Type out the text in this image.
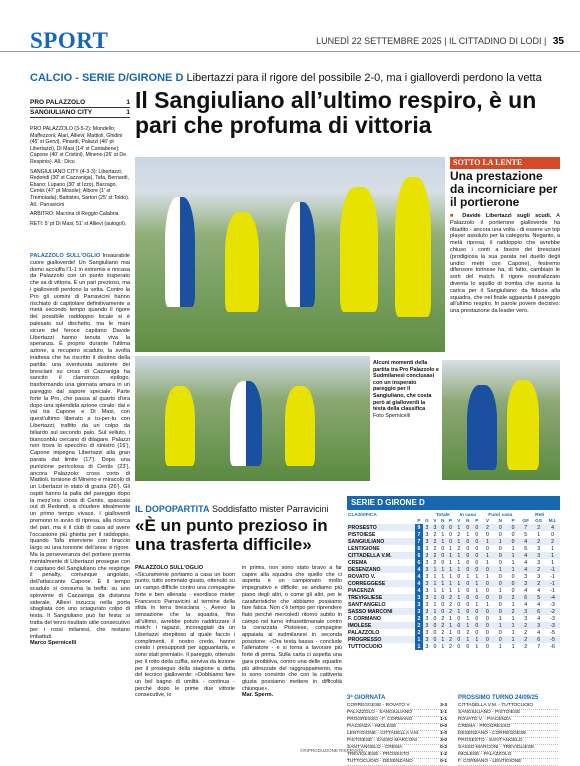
SPORT	LUNEDÌ 22 SETTEMBRE 2025 | IL CITTADINO DI LODI | 35
CALCIO - SERIE D/GIRONE D Libertazzi para il rigore del possibile 2-0, ma i gialloverdi perdono la vetta
PRO PALAZZOLO	1
SANGIULIANO CITY	1 Il Sangiuliano all’ultimo respiro, è un pari che profuma di vittoria

PRO PALAZZOLO (3-5-2): Mondello; Maffezzoni, Alari, Allievi; Mattioli, Ghidini (45' st Gervi), Pinardi, Palazzi (46' pt Libertazzi), Di Masi (14' st Cantabene); Capone (40' st Cristini), Mineno (26' st De Respinis). All.: Dicu

SANGIULIANO CITY (4-3-3): Libertazzi; Redondi (30' st Cazzaniga), Tafa, Bernardi, Ebano; Lupano (30' st Izzo), Barzago, Centis (47' pt Mosole); Albore (1' st Tremolada), Battistini, Sartori (25' st Toldo). All.: Parravicini

ARBITRO: Macrina di Reggio Calabria

RETI: 5' pt Di Masi, 51' st Allievi (autogol).

PALAZZOLO SULL'OGLIO Insaurabile cuore gialloverde! Un Sangiuliano mai domo acciuffa l'1-1 in extremis e rincasa da Palazzolo con un punto insperato che sa di vittoria. È un pari prezioso, ma i gialloverdi perdono la vetta. Contro la Pro gli uomini di Parravicini hanno rischiato di capitolare definitivamente a metà secondo tempo quando il rigore del possibile raddoppio locale si è palesato sul dischetto, ma le mani sicure del feroce capitano Davide Libertazzi hanno tenuta viva la speranza. È proprio durante l'ultima azione, a recupero scaduto, la svolta inattesa che ha riscritto il destino della partita: una sventurata autorete dei bresciani su cross di Cazzaniga ha sancito il clamoroso epilogo, trasformando una giornata amara in un pareggio dal sapore speciale. Parte forte la Pro, che passa al quarto d'ora dopo una splendida azione corale: dai e vai tra Capone e Di Masi, con quest'ultimo liberato a tu-per-tu con Libertazzi, trafitto da un colpo da biliardo sul secondo palo. Sul velluto, i bianconblu cercano di dilagare. Palazzi non trova lo specchio di sinistro (16'), Capone impegna Libertazzi alla gran parata dal limite (17'). Dopo una punizione pericolosa di Centis (23'), ancora Palazzolo: cross corto di Mattioli, torsione di Mineno e miracolo di un Libertazzi in stato di grazia (26'). Gli ospiti hanno la palla del pareggio dopo la mezz'ora: cross di Centis, spaccata out di Redondi, a chiudere idealmente un primo tempo vivace. I gialloverdi premono in avvio di ripresa, alla ricerca del pari, ma è il club di casa ad avere l'occasione più ghiotta per il raddoppio, quando Tafa interviene con braccio largo su una torsione dell'area: è rigore. Ma la perseveranza del portiere premia mentalmente di Libertazzi prosegue con il capitano del Sangiuliano che respinge il penalty, comunque angolato, dell'attaccante Capone. È il tempo scaduto si consuma la beffa: su uno spiovente di Cazzaniga da distanza siderale, Allievi inzucca nella porta sbagliata con uno sciagurato colpo di testa. Il Sangiuliano può far festa: si tratta del terzo risultato utile consecutivo per i rossi milanesi, che restano imbattuti.
Marco Spernicelli
Alcuni momenti della partita tra Pro Palazzolo e Sudmilanesi conclusasi con un insperato pareggio per il Sangiuliano, che costa però ai gialloverdi la testa della classifica
Foto Spernicelli
SOTTO LA LENTE
Una prestazione da incorniciare per il portierone
■ Davide Libertazzi sugli scudi. A Palazzolo il portierone gialloverde ha ribadito - ancora una volta - di essere un top player assoluto per la categoria. Neganto, a metà ripresa, il raddoppio che avrebbe chiuso i conti a favore dei bresciani (prodigiosa la sua parata nel duello degli undici metri con Capone), festremo difensore torinese ha, di fatto, cambiato le sorti del match. Il rigore neutralizzato diventa lo squillo di tromba che suona la carica per il Sangiuliano: da fiducia alla squadra, che nel finale aggaunta il pareggio all'ultimo respiro. In parole povere decisivo: una prestazione da leader vero.
IL DOPOPARTITA Soddisfatto mister Parravicini
«È un punto prezioso in una trasferta difficile»
PALAZZOLO SULL'OGLIO
«Sicuramente portiamo a casa un buon punto, tutto sommato giusto, ottenuto su un campo difficile contro una compagine forte e ben allenata - esordisce mister Francesco Parravicini al termine della sfida in terra bresciana -. Avevo la sensazione che la squadra, fino all'ultimo, avrebbe potuto raddrizzare il match: i ragazzi, incoraggiati da un Libertazzi strepitoso al quale faccio i complimenti, il nostro credo, hanno creato i presupposti per agguantarla, e sono stati premiati». Il pareggio, ottenuto per il rotto della cuffia, serviva da lezione per il prosieguo della stagione a detta del tecnico gialloverde: «Dobbiamo fare un bel bagno di umiltà - continua - perché dopo le prime due vittorie consecutive, io
in primis, non sono stato bravo a far capire alla squadra che quello che ci aspetta è un campionato molto impegnativo e difficile: se andiamo più piano degli altri, o come gli altri, per le caratteristiche che abbiamo possiamo fare fatica. Non c'è tempo per riprendere fiato perché mercoledì ritorno subito in campo nel turno infrasettimanale contro la corazzata Pistoiese, compagine appaiata ai sudmilanesi in seconda posizione: «Ora testa bassa - conclude l'allenatore - e si torna a lavorare più forte di prima. Sulla carta ci aspetta una gara proibitiva, contro una delle squadre più attrezzate del raggruppamento, ma io sono convinto che con la cattiveria giusta possiamo mettere in difficoltà chiunque».
Mar. Sperm.
©RIPRODUZIONE RISERVATA
SERIE D GIRONE D
CLASSIFICA			Totale			In casa			Fuori casa			Reti		
	P	G	V	N	P	V	N	P	V	N	P	GF	GS	M.I.
PROSESTO	9	3	3	0	0	1	0	0	2	0	0	7	2	4
PISTOIESE	7	3	2	1	0	2	1	0	0	0	0	5	1	0
SANGIULIANO	7	3	2	1	0	1	0	0	1	1	0	4	2	2
LENTIGIONE	6	3	2	0	1	2	0	0	0	0	1	5	3	1
CITTADELLA V.M.	6	3	2	0	1	1	0	0	1	0	1	4	3	1
CREMA	6	3	2	0	1	1	0	0	1	0	1	4	3	1
DESENZANO	4	3	1	1	1	1	0	0	0	1	1	4	2	-1
ROVATO V.	4	3	1	1	1	0	1	1	1	0	0	3	3	-1
CORREGGESE	4	3	1	1	1	1	0	1	0	0	0	3	2	-1
PIACENZA	4	3	1	1	1	1	0	1	0	1	0	4	4	-1
TREVIGLIESE	3	3	1	0	2	1	0	0	0	0	2	6	5	-4
SANT'ANGELO	3	3	1	0	2	0	0	1	1	0	1	4	4	-3
SASSO MARCONI	3	3	1	0	2	1	0	0	0	0	2	3	6	-2
F. CORMANO	2	3	0	2	1	0	1	0	0	1	1	3	4	-3
IMOLESE	2	3	0	2	1	0	1	0	0	1	1	2	3	-3
PALAZZOLO	2	3	0	2	1	0	2	0	0	0	1	2	4	-5
PROGRESSO	1	3	0	1	2	0	1	1	0	0	1	2	6	-5
TUTTOCUOIO	1	3	0	1	2	0	0	1	0	1	1	2	7	-6
3ª GIORNATA
CORREGGESE - ROVATO V.	3-3
PALAZZOLO - SANGIULIANO	1-1
PROGRESSO - F. CORMANO	1-1
PIACENZA - IMOLESE	0-0
LENTIGIONE - CITTADELLA V.M.	1-0
PISTOIESE - SASSO MARCONI	3-0
SANT'ANGELO - CREMA	0-2
TREVIGLIESE - PROSESTO	1-2
TUTTOCUOIO - DESENZANO	0-1
PROSSIMO TURNO 24/09/25
CITTADELLA V.M. - TUTTOCUOIO
SANGIULIANO - PISTOIESE
ROVATO V. - PIACENZA
CREMA - PROGRESSO
DESENZANO - CORREGGESE
PROSESTO - SANT'ANGELO
SASSO MARCONI - TREVIGLIESE
IMOLESE - PALAZZOLO
F. CORMANO - LENTIGIONE
